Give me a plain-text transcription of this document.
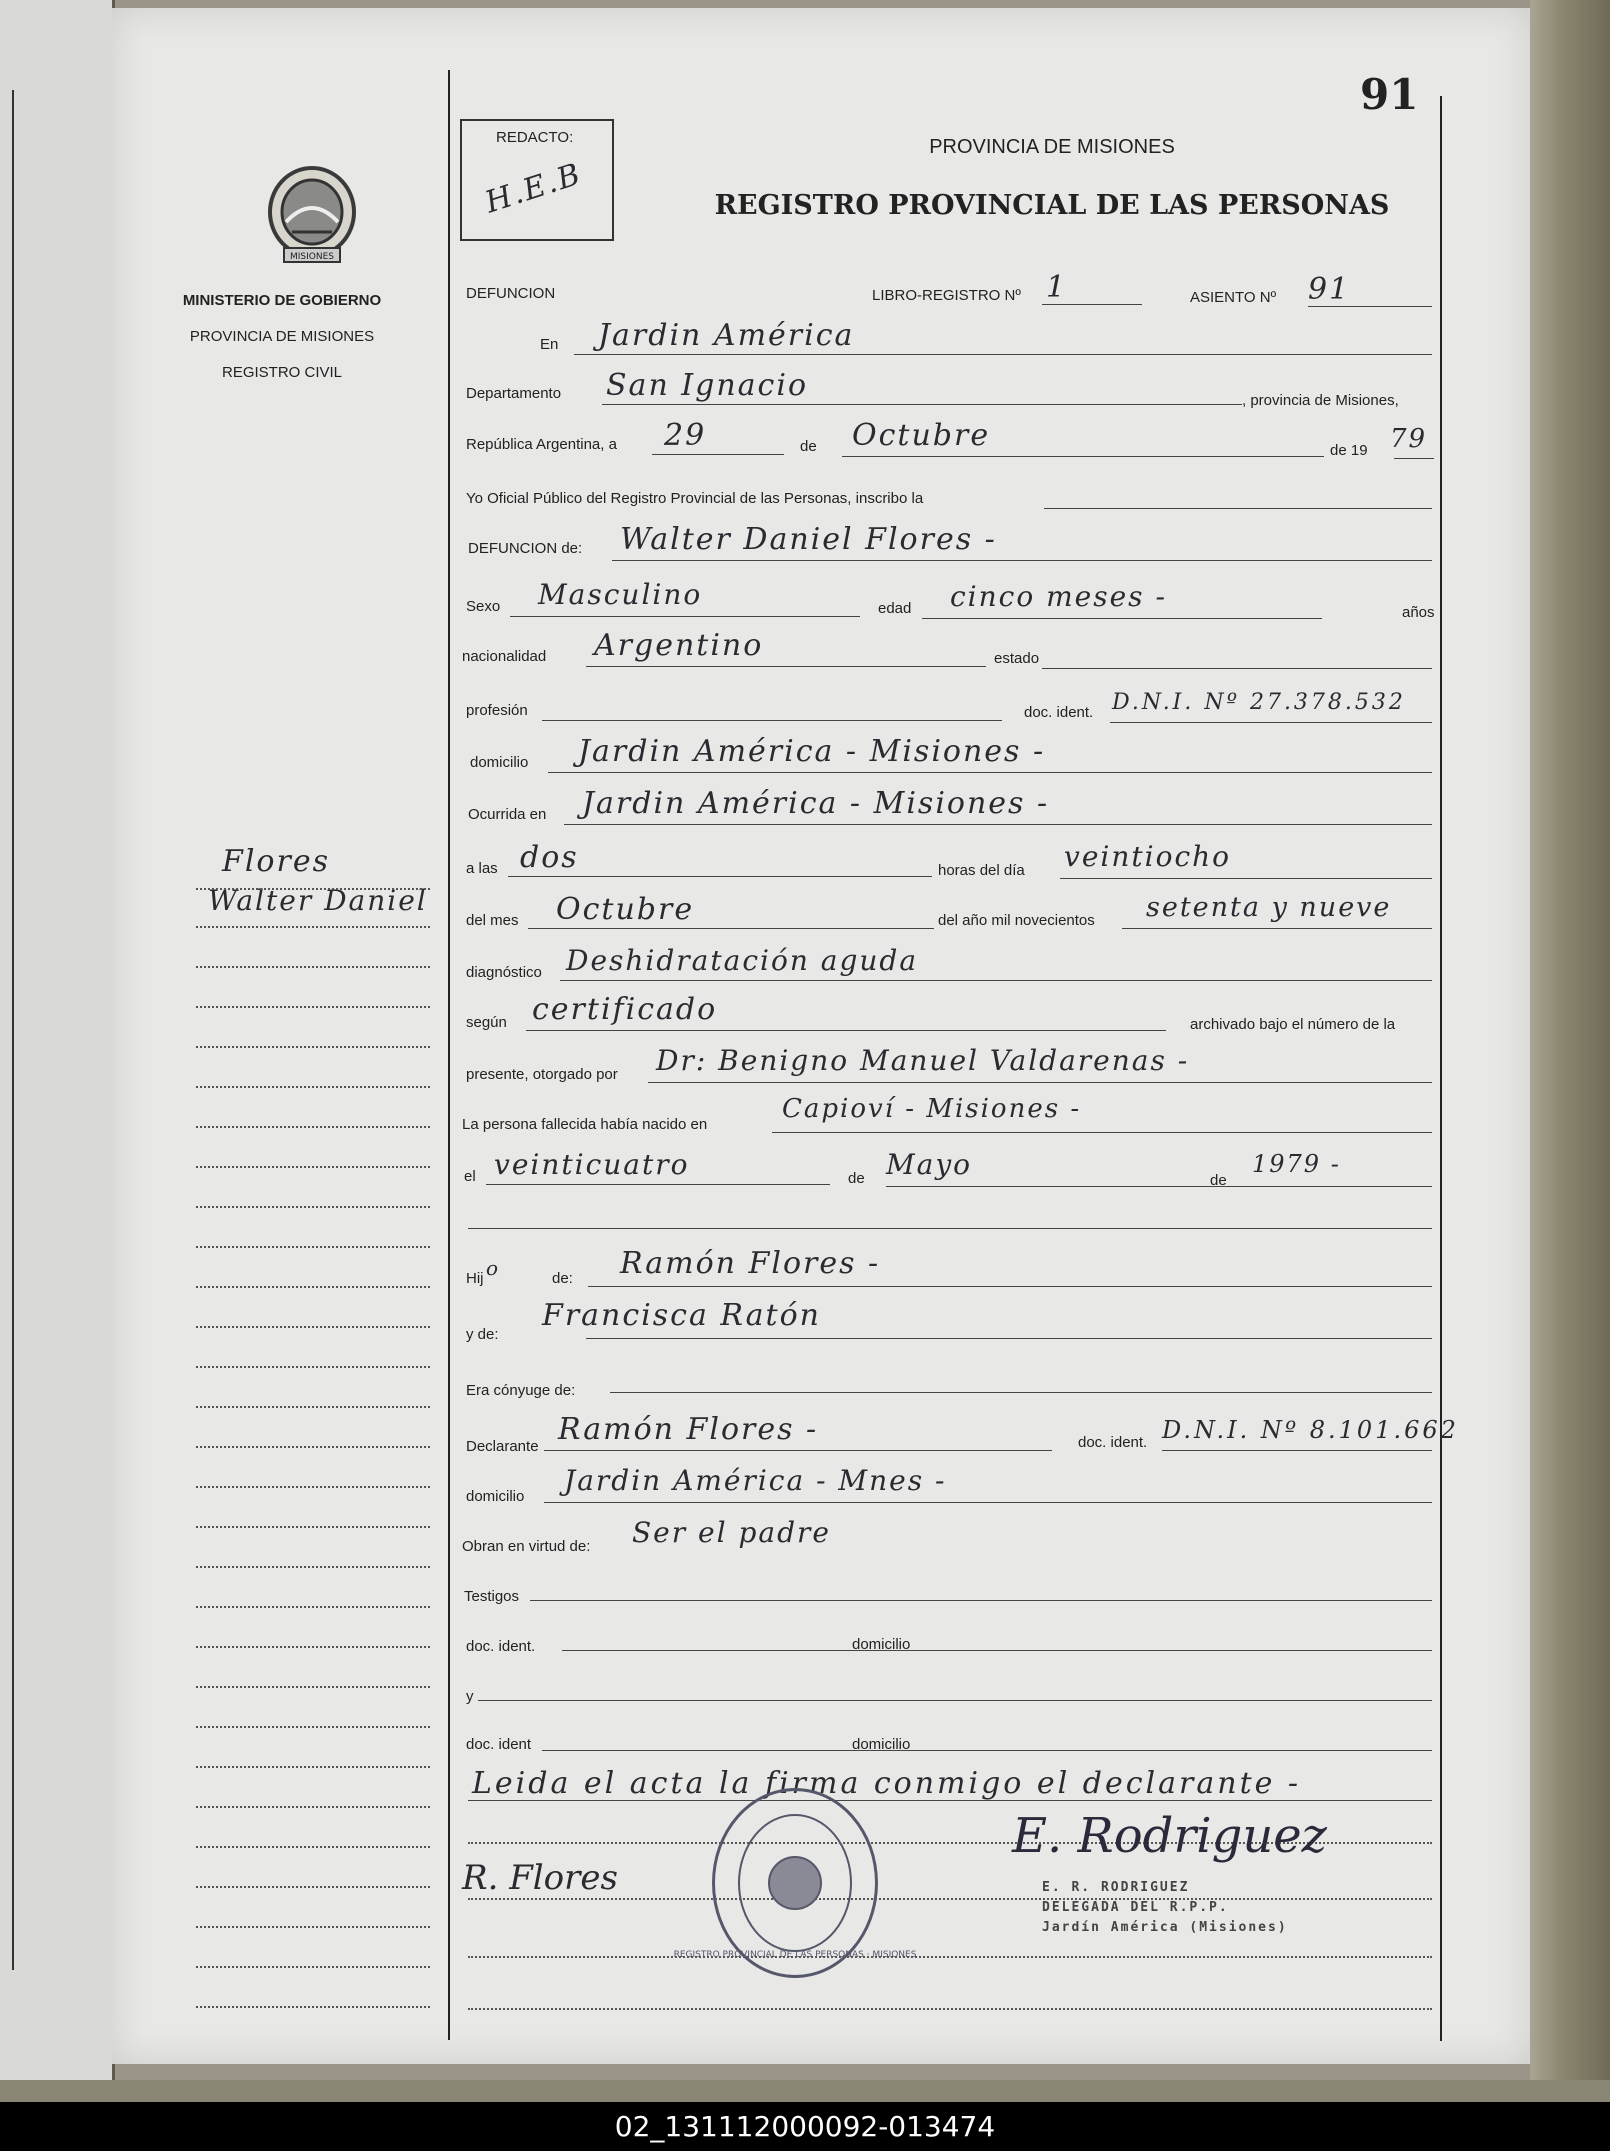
91
REDACTO:
H.E.B
MISIONES
MINISTERIO DE GOBIERNO
PROVINCIA DE MISIONES
REGISTRO CIVIL
PROVINCIA DE MISIONES
REGISTRO PROVINCIAL DE LAS PERSONAS
Flores
Walter Daniel
DEFUNCION	LIBRO-REGISTRO Nº 1	ASIENTO Nº 91
En Jardin América
Departamento San Ignacio	, provincia de Misiones,
República Argentina, a 29	de Octubre	de 19 79
Yo Oficial Público del Registro Provincial de las Personas, inscribo la
DEFUNCION de: Walter Daniel Flores -
Sexo Masculino	edad cinco meses -	años
nacionalidad Argentino	estado
profesión	doc. ident. D.N.I. Nº 27.378.532
domicilio Jardin América - Misiones -
Ocurrida en Jardin América - Misiones -
a las dos	horas del día veintiocho
del mes Octubre	del año mil novecientos setenta y nueve
diagnóstico Deshidratación aguda
según certificado	archivado bajo el número de la
presente, otorgado por Dr: Benigno Manuel Valdarenas -
La persona fallecida había nacido en
Capioví - Misiones -
el veinticuatro	de Mayo	de
1979 -
Hij o	de: Ramón Flores -
y de:
Francisca Ratón
Era cónyuge de:
Declarante Ramón Flores -	doc. ident. D.N.I. Nº 8.101.662
domicilio Jardin América - Mnes -
Obran en virtud de: Ser el padre
Testigos
doc. ident.	domicilio
y
doc. ident	domicilio
Leida el acta la firma conmigo el declarante -
R. Flores
REGISTRO PROVINCIAL DE LAS PERSONAS · MISIONES
E. Rodriguez
E. R. RODRIGUEZ
DELEGADA DEL R.P.P.
Jardín América (Misiones)
02_131112000092-013474
